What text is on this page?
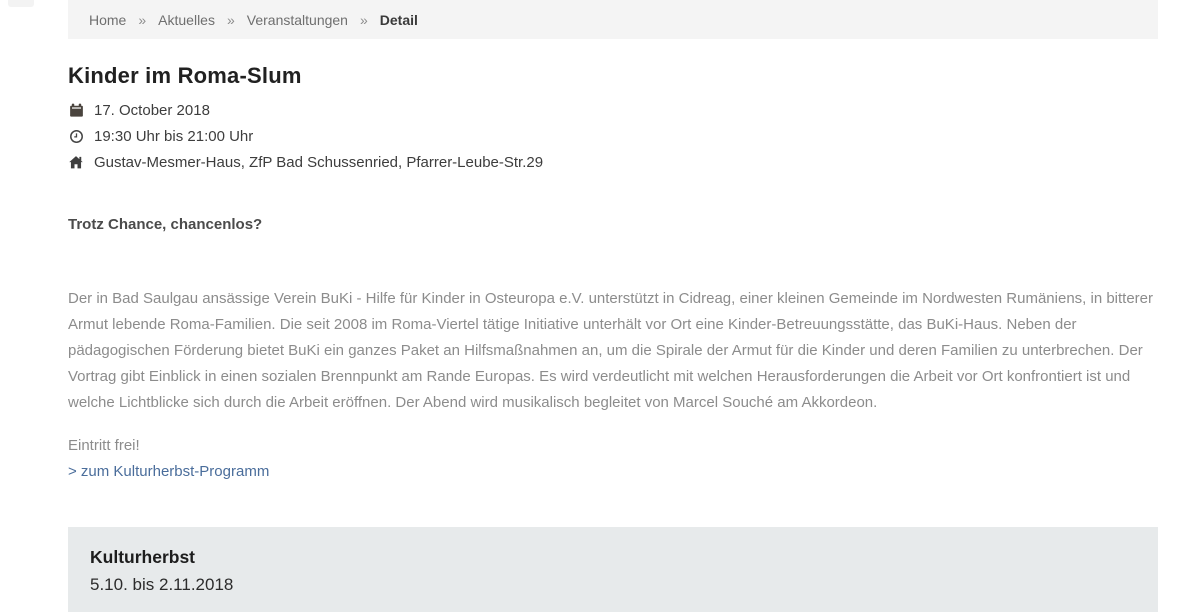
Home » Aktuelles » Veranstaltungen » Detail
Kinder im Roma-Slum
17. October 2018
19:30 Uhr bis 21:00 Uhr
Gustav-Mesmer-Haus, ZfP Bad Schussenried, Pfarrer-Leube-Str.29

Trotz Chance, chancenlos?

Der in Bad Saulgau ansässige Verein BuKi - Hilfe für Kinder in Osteuropa e.V. unterstützt in Cidreag, einer kleinen Gemeinde im Nordwesten Rumäniens, in bitterer Armut lebende Roma-Familien. Die seit 2008 im Roma-Viertel tätige Initiative unterhält vor Ort eine Kinder-Betreuungsstätte, das BuKi-Haus. Neben der pädagogischen Förderung bietet BuKi ein ganzes Paket an Hilfsmaßnahmen an, um die Spirale der Armut für die Kinder und deren Familien zu unterbrechen. Der Vortrag gibt Einblick in einen sozialen Brennpunkt am Rande Europas. Es wird verdeutlicht mit welchen Herausforderungen die Arbeit vor Ort konfrontiert ist und welche Lichtblicke sich durch die Arbeit eröffnen. Der Abend wird musikalisch begleitet von Marcel Souché am Akkordeon.

Eintritt frei!
> zum Kulturherbst-Programm

Kulturherbst
5.10. bis 2.11.2018
